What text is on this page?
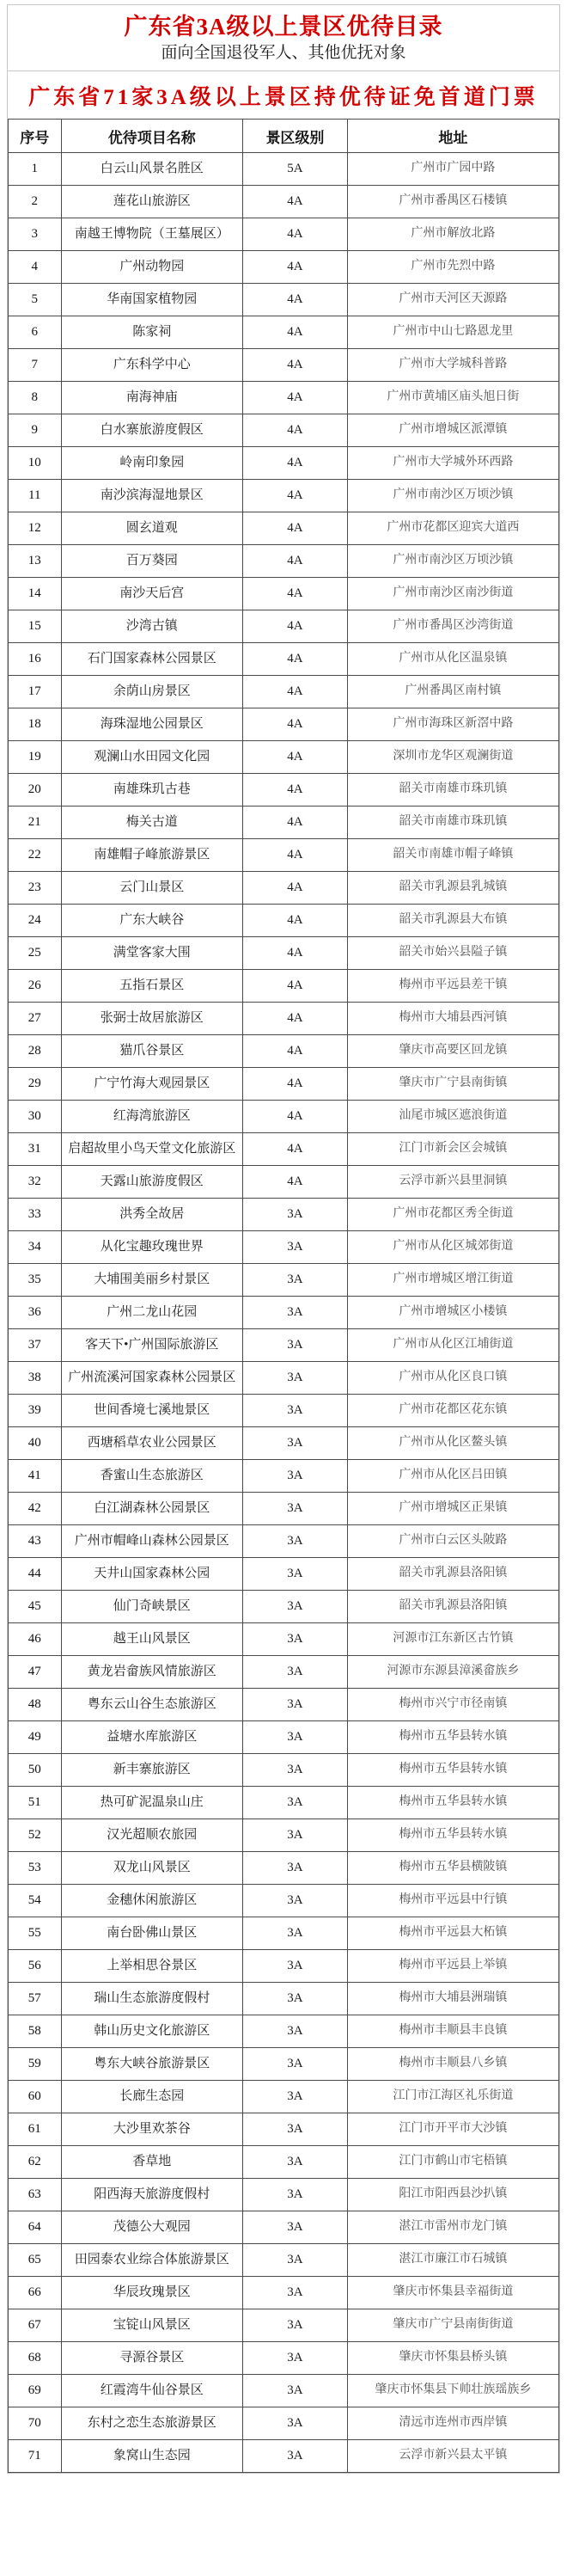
广东省3A级以上景区优待目录
面向全国退役军人、其他优抚对象
广东省71家3A级以上景区持优待证免首道门票
序号	优待项目名称	景区级别	地址
1	白云山风景名胜区	5A	广州市广园中路
2	莲花山旅游区	4A	广州市番禺区石楼镇
3	南越王博物院（王墓展区）	4A	广州市解放北路
4	广州动物园	4A	广州市先烈中路
5	华南国家植物园	4A	广州市天河区天源路
6	陈家祠	4A	广州市中山七路恩龙里
7	广东科学中心	4A	广州市大学城科普路
8	南海神庙	4A	广州市黄埔区庙头旭日街
9	白水寨旅游度假区	4A	广州市增城区派潭镇
10	岭南印象园	4A	广州市大学城外环西路
11	南沙滨海湿地景区	4A	广州市南沙区万顷沙镇
12	圆玄道观	4A	广州市花都区迎宾大道西
13	百万葵园	4A	广州市南沙区万顷沙镇
14	南沙天后宫	4A	广州市南沙区南沙街道
15	沙湾古镇	4A	广州市番禺区沙湾街道
16	石门国家森林公园景区	4A	广州市从化区温泉镇
17	余荫山房景区	4A	广州番禺区南村镇
18	海珠湿地公园景区	4A	广州市海珠区新滘中路
19	观澜山水田园文化园	4A	深圳市龙华区观澜街道
20	南雄珠玑古巷	4A	韶关市南雄市珠玑镇
21	梅关古道	4A	韶关市南雄市珠玑镇
22	南雄帽子峰旅游景区	4A	韶关市南雄市帽子峰镇
23	云门山景区	4A	韶关市乳源县乳城镇
24	广东大峡谷	4A	韶关市乳源县大布镇
25	满堂客家大围	4A	韶关市始兴县隘子镇
26	五指石景区	4A	梅州市平远县差干镇
27	张弼士故居旅游区	4A	梅州市大埔县西河镇
28	猫爪谷景区	4A	肇庆市高要区回龙镇
29	广宁竹海大观园景区	4A	肇庆市广宁县南街镇
30	红海湾旅游区	4A	汕尾市城区遮浪街道
31	启超故里小鸟天堂文化旅游区	4A	江门市新会区会城镇
32	天露山旅游度假区	4A	云浮市新兴县里洞镇
33	洪秀全故居	3A	广州市花都区秀全街道
34	从化宝趣玫瑰世界	3A	广州市从化区城郊街道
35	大埔围美丽乡村景区	3A	广州市增城区增江街道
36	广州二龙山花园	3A	广州市增城区小楼镇
37	客天下•广州国际旅游区	3A	广州市从化区江埔街道
38	广州流溪河国家森林公园景区	3A	广州市从化区良口镇
39	世间香境七溪地景区	3A	广州市花都区花东镇
40	西塘稻草农业公园景区	3A	广州市从化区鳌头镇
41	香蜜山生态旅游区	3A	广州市从化区吕田镇
42	白江湖森林公园景区	3A	广州市增城区正果镇
43	广州市帽峰山森林公园景区	3A	广州市白云区头陂路
44	天井山国家森林公园	3A	韶关市乳源县洛阳镇
45	仙门奇峡景区	3A	韶关市乳源县洛阳镇
46	越王山风景区	3A	河源市江东新区古竹镇
47	黄龙岩畲族风情旅游区	3A	河源市东源县漳溪畲族乡
48	粤东云山谷生态旅游区	3A	梅州市兴宁市径南镇
49	益塘水库旅游区	3A	梅州市五华县转水镇
50	新丰寨旅游区	3A	梅州市五华县转水镇
51	热可矿泥温泉山庄	3A	梅州市五华县转水镇
52	汉光超顺农旅园	3A	梅州市五华县转水镇
53	双龙山风景区	3A	梅州市五华县横陂镇
54	金穗休闲旅游区	3A	梅州市平远县中行镇
55	南台卧佛山景区	3A	梅州市平远县大柘镇
56	上举相思谷景区	3A	梅州市平远县上举镇
57	瑞山生态旅游度假村	3A	梅州市大埔县洲瑞镇
58	韩山历史文化旅游区	3A	梅州市丰顺县丰良镇
59	粤东大峡谷旅游景区	3A	梅州市丰顺县八乡镇
60	长廊生态园	3A	江门市江海区礼乐街道
61	大沙里欢茶谷	3A	江门市开平市大沙镇
62	香草地	3A	江门市鹤山市宅梧镇
63	阳西海天旅游度假村	3A	阳江市阳西县沙扒镇
64	茂德公大观园	3A	湛江市雷州市龙门镇
65	田园泰农业综合体旅游景区	3A	湛江市廉江市石城镇
66	华辰玫瑰景区	3A	肇庆市怀集县幸福街道
67	宝锭山风景区	3A	肇庆市广宁县南街街道
68	寻源谷景区	3A	肇庆市怀集县桥头镇
69	红霞湾牛仙谷景区	3A	肇庆市怀集县下帅壮族瑶族乡
70	东村之恋生态旅游景区	3A	清远市连州市西岸镇
71	象窝山生态园	3A	云浮市新兴县太平镇
